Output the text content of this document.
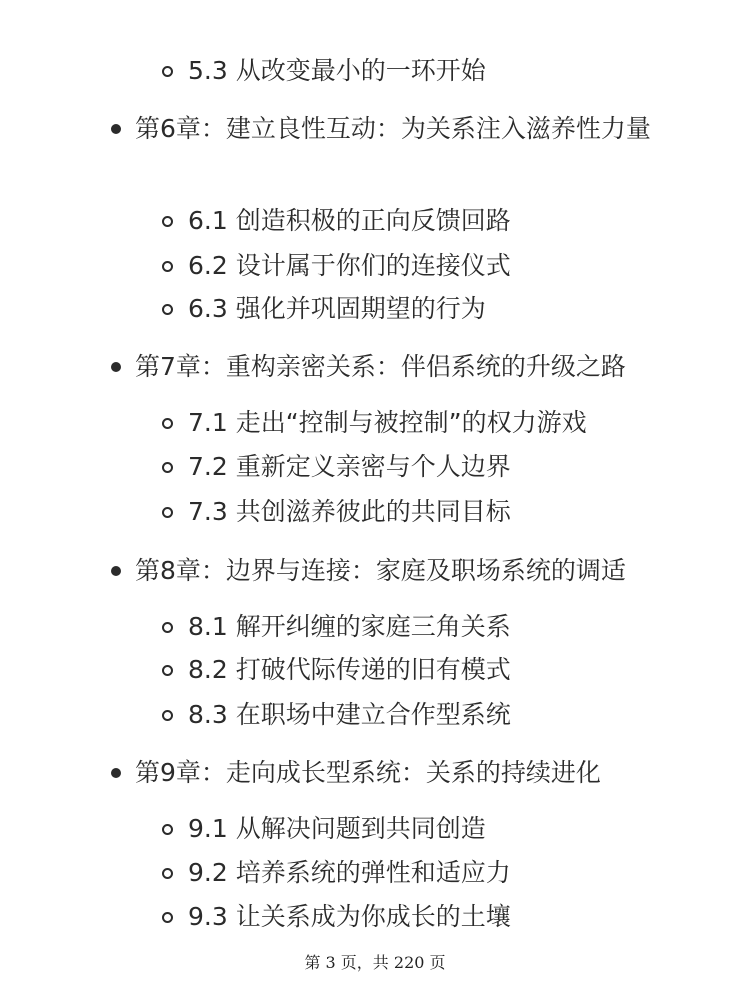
5.3 从改变最小的一环开始
第6章：建立良性互动：为关系注入滋养性力量
6.1 创造积极的正向反馈回路
6.2 设计属于你们的连接仪式
6.3 强化并巩固期望的行为
第7章：重构亲密关系：伴侣系统的升级之路
7.1 走出“控制与被控制”的权力游戏
7.2 重新定义亲密与个人边界
7.3 共创滋养彼此的共同目标
第8章：边界与连接：家庭及职场系统的调适
8.1 解开纠缠的家庭三角关系
8.2 打破代际传递的旧有模式
8.3 在职场中建立合作型系统
第9章：走向成长型系统：关系的持续进化
9.1 从解决问题到共同创造
9.2 培养系统的弹性和适应力
9.3 让关系成为你成长的土壤
第 3 页，共 220 页
